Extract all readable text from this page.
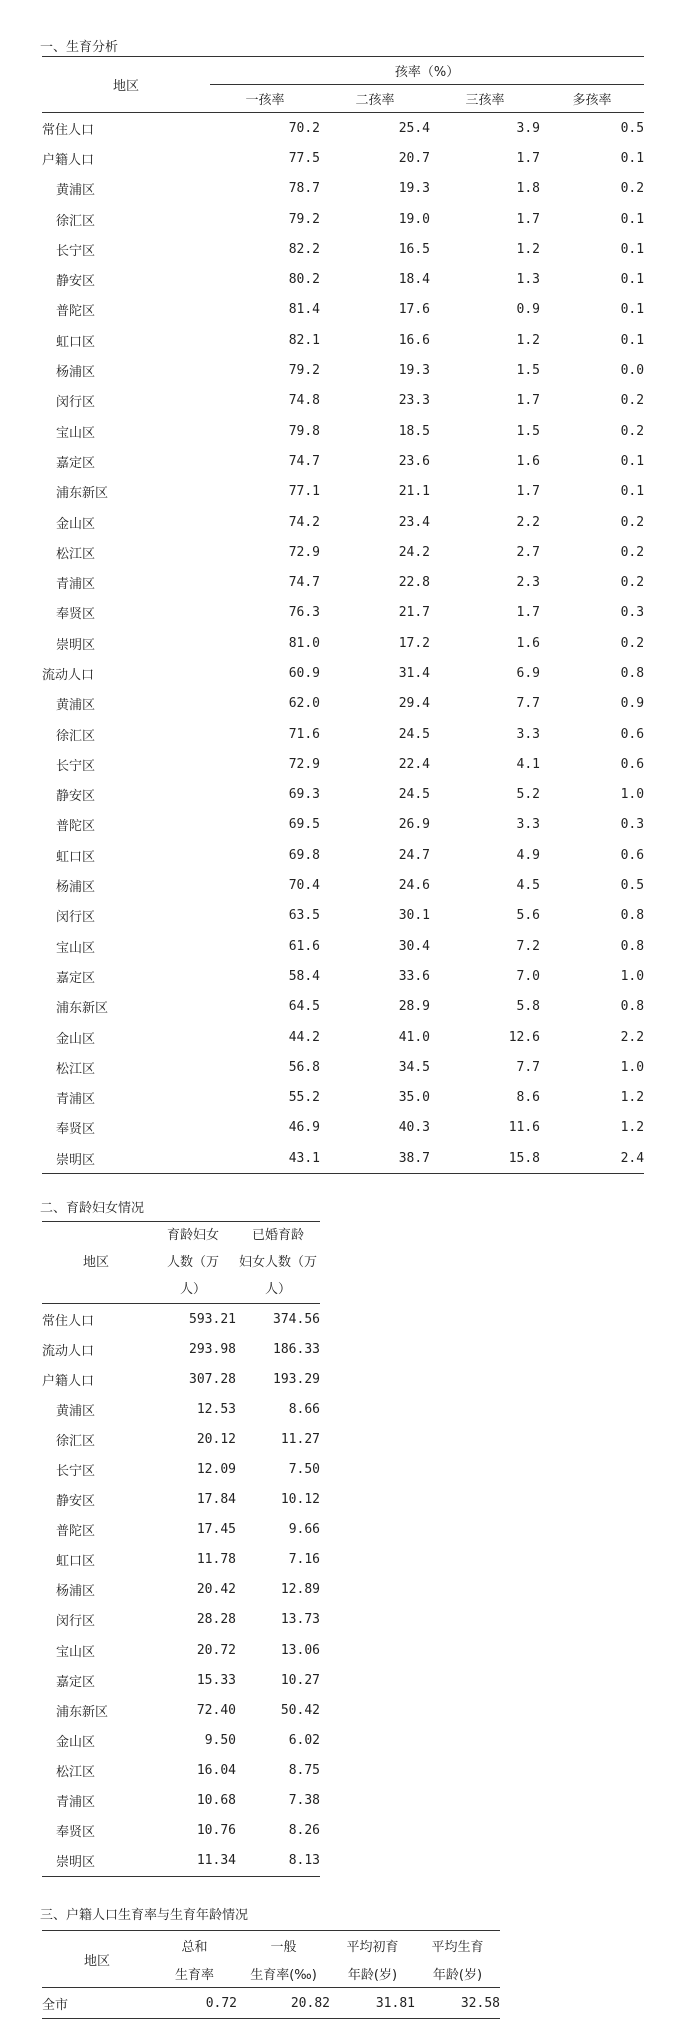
一、生育分析
地区	孩率（%）			
	一孩率	二孩率	三孩率	多孩率
常住人口	70.2	25.4	3.9	0.5
户籍人口	77.5	20.7	1.7	0.1
黄浦区	78.7	19.3	1.8	0.2
徐汇区	79.2	19.0	1.7	0.1
长宁区	82.2	16.5	1.2	0.1
静安区	80.2	18.4	1.3	0.1
普陀区	81.4	17.6	0.9	0.1
虹口区	82.1	16.6	1.2	0.1
杨浦区	79.2	19.3	1.5	0.0
闵行区	74.8	23.3	1.7	0.2
宝山区	79.8	18.5	1.5	0.2
嘉定区	74.7	23.6	1.6	0.1
浦东新区	77.1	21.1	1.7	0.1
金山区	74.2	23.4	2.2	0.2
松江区	72.9	24.2	2.7	0.2
青浦区	74.7	22.8	2.3	0.2
奉贤区	76.3	21.7	1.7	0.3
崇明区	81.0	17.2	1.6	0.2
流动人口	60.9	31.4	6.9	0.8
黄浦区	62.0	29.4	7.7	0.9
徐汇区	71.6	24.5	3.3	0.6
长宁区	72.9	22.4	4.1	0.6
静安区	69.3	24.5	5.2	1.0
普陀区	69.5	26.9	3.3	0.3
虹口区	69.8	24.7	4.9	0.6
杨浦区	70.4	24.6	4.5	0.5
闵行区	63.5	30.1	5.6	0.8
宝山区	61.6	30.4	7.2	0.8
嘉定区	58.4	33.6	7.0	1.0
浦东新区	64.5	28.9	5.8	0.8
金山区	44.2	41.0	12.6	2.2
松江区	56.8	34.5	7.7	1.0
青浦区	55.2	35.0	8.6	1.2
奉贤区	46.9	40.3	11.6	1.2
崇明区	43.1	38.7	15.8	2.4
二、育龄妇女情况
地区	育龄妇女	已婚育龄
	人数（万	妇女人数（万
	人）	人）
常住人口	593.21	374.56
流动人口	293.98	186.33
户籍人口	307.28	193.29
黄浦区	12.53	8.66
徐汇区	20.12	11.27
长宁区	12.09	7.50
静安区	17.84	10.12
普陀区	17.45	9.66
虹口区	11.78	7.16
杨浦区	20.42	12.89
闵行区	28.28	13.73
宝山区	20.72	13.06
嘉定区	15.33	10.27
浦东新区	72.40	50.42
金山区	9.50	6.02
松江区	16.04	8.75
青浦区	10.68	7.38
奉贤区	10.76	8.26
崇明区	11.34	8.13
三、户籍人口生育率与生育年龄情况
地区	总和	一般	平均初育	平均生育
	生育率	生育率(‰)	年龄(岁)	年龄(岁)
全市	0.72	20.82	31.81	32.58
